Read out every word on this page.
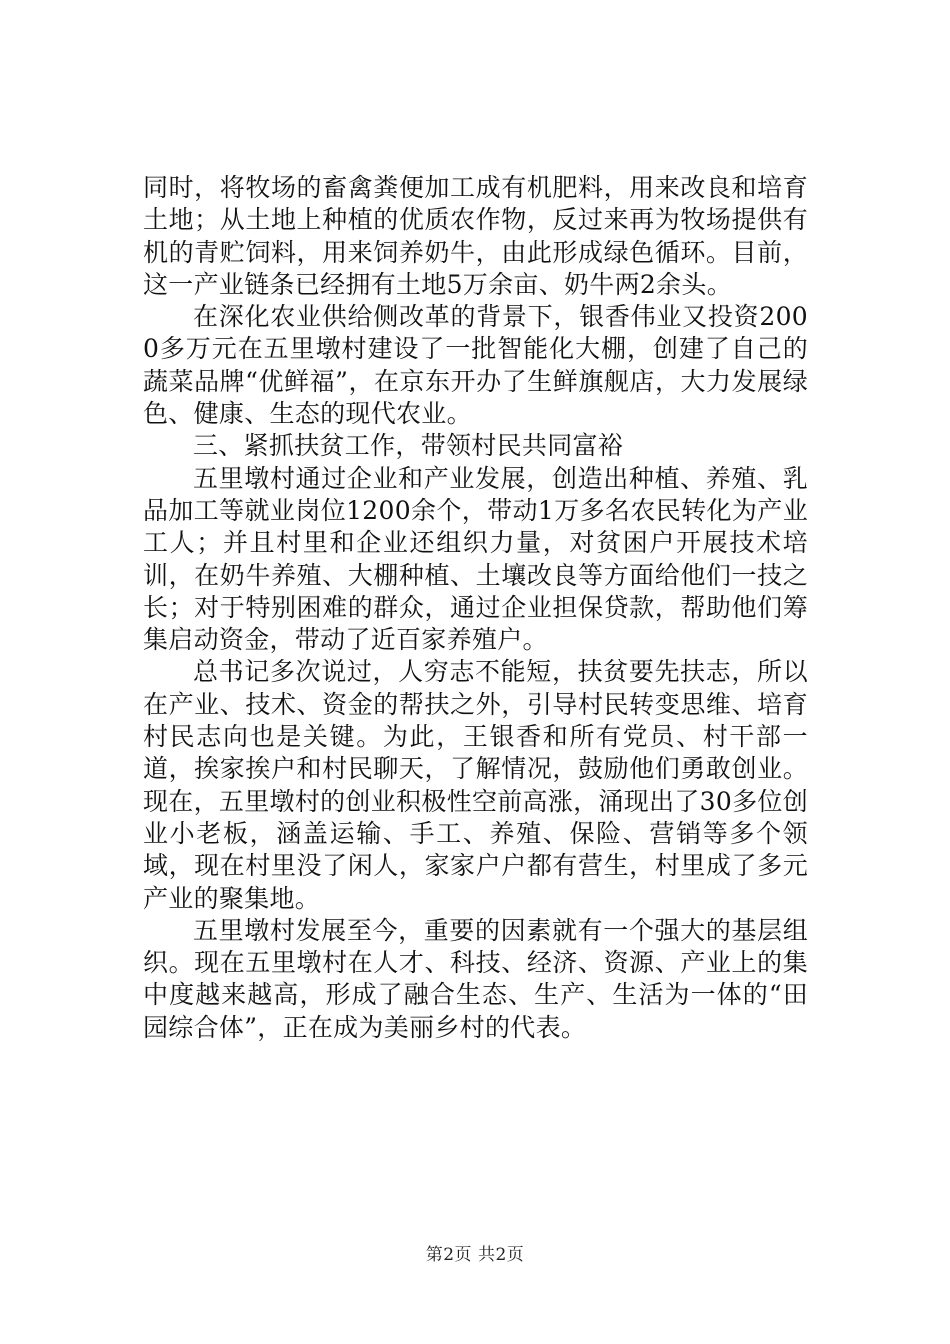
同时，将牧场的畜禽粪便加工成有机肥料，用来改良和培育土地；从土地上种植的优质农作物，反过来再为牧场提供有机的青贮饲料，用来饲养奶牛，由此形成绿色循环。目前，这一产业链条已经拥有土地5万余亩、奶牛两2余头。

在深化农业供给侧改革的背景下，银香伟业又投资2000多万元在五里墩村建设了一批智能化大棚，创建了自己的蔬菜品牌“优鲜福”，在京东开办了生鲜旗舰店，大力发展绿色、健康、生态的现代农业。

三、紧抓扶贫工作，带领村民共同富裕

五里墩村通过企业和产业发展，创造出种植、养殖、乳品加工等就业岗位1200余个，带动1万多名农民转化为产业工人；并且村里和企业还组织力量，对贫困户开展技术培训，在奶牛养殖、大棚种植、土壤改良等方面给他们一技之长；对于特别困难的群众，通过企业担保贷款，帮助他们筹集启动资金，带动了近百家养殖户。

总书记多次说过，人穷志不能短，扶贫要先扶志，所以在产业、技术、资金的帮扶之外，引导村民转变思维、培育村民志向也是关键。为此，王银香和所有党员、村干部一道，挨家挨户和村民聊天，了解情况，鼓励他们勇敢创业。现在，五里墩村的创业积极性空前高涨，涌现出了30多位创业小老板，涵盖运输、手工、养殖、保险、营销等多个领域，现在村里没了闲人，家家户户都有营生，村里成了多元产业的聚集地。

五里墩村发展至今，重要的因素就有一个强大的基层组织。现在五里墩村在人才、科技、经济、资源、产业上的集中度越来越高，形成了融合生态、生产、生活为一体的“田园综合体”，正在成为美丽乡村的代表。

第2页 共2页
